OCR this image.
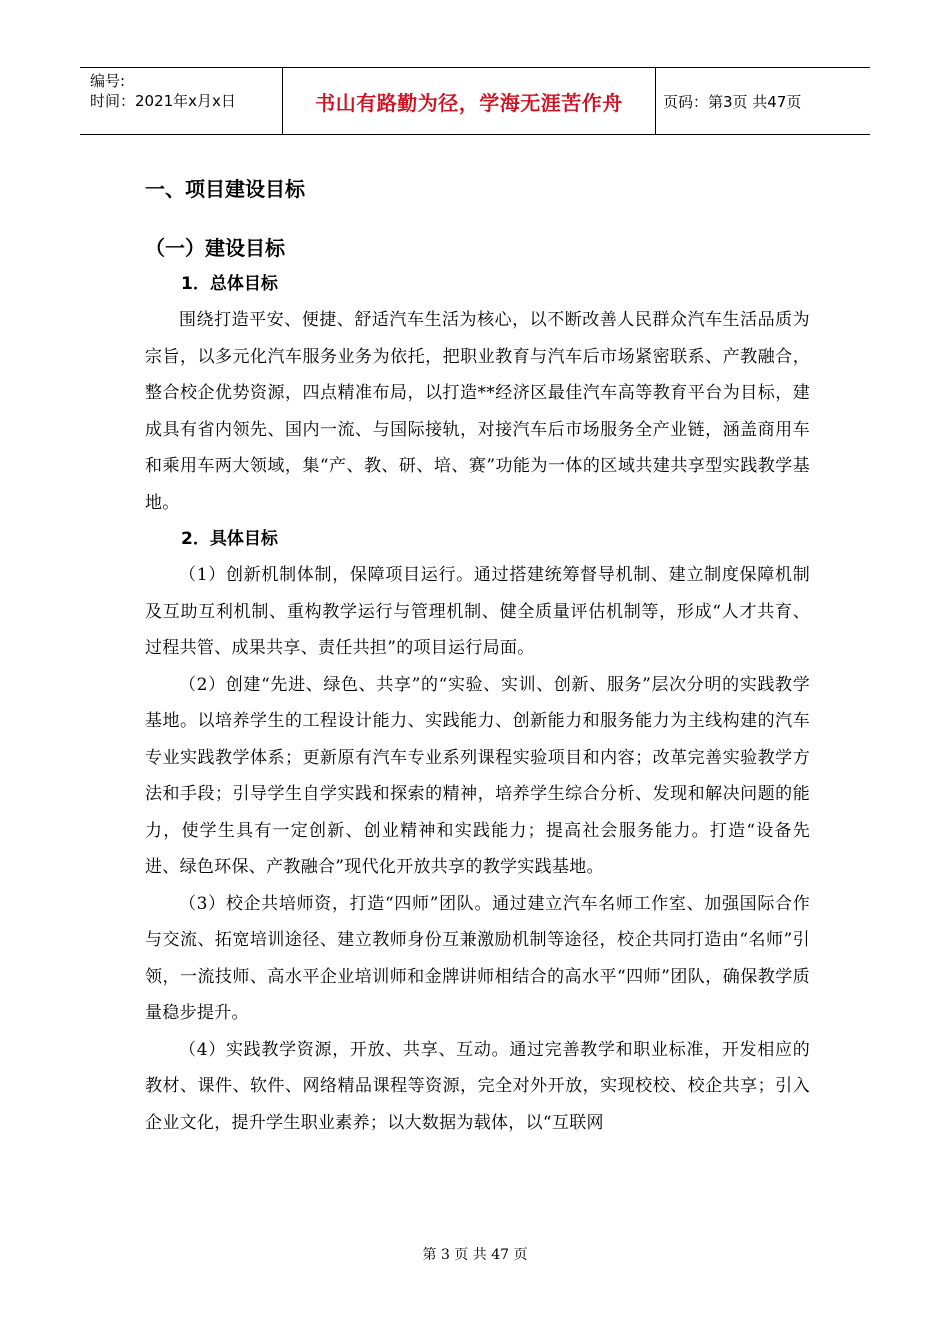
编号:
时间：2021年x月x日	书山有路勤为径，学海无涯苦作舟	页码：第3页 共47页
一、项目建设目标
（一）建设目标
1．总体目标

围绕打造平安、便捷、舒适汽车生活为核心，以不断改善人民群众汽车生活品质为宗旨，以多元化汽车服务业务为依托，把职业教育与汽车后市场紧密联系、产教融合，整合校企优势资源，四点精准布局，以打造**经济区最佳汽车高等教育平台为目标，建成具有省内领先、国内一流、与国际接轨，对接汽车后市场服务全产业链，涵盖商用车和乘用车两大领域，集“产、教、研、培、赛”功能为一体的区域共建共享型实践教学基地。

2．具体目标

（1）创新机制体制，保障项目运行。通过搭建统筹督导机制、建立制度保障机制及互助互利机制、重构教学运行与管理机制、健全质量评估机制等，形成“人才共育、过程共管、成果共享、责任共担”的项目运行局面。

（2）创建“先进、绿色、共享”的“实验、实训、创新、服务”层次分明的实践教学基地。以培养学生的工程设计能力、实践能力、创新能力和服务能力为主线构建的汽车专业实践教学体系；更新原有汽车专业系列课程实验项目和内容；改革完善实验教学方法和手段；引导学生自学实践和探索的精神，培养学生综合分析、发现和解决问题的能力，使学生具有一定创新、创业精神和实践能力；提高社会服务能力。打造“设备先进、绿色环保、产教融合”现代化开放共享的教学实践基地。

（3）校企共培师资，打造“四师”团队。通过建立汽车名师工作室、加强国际合作与交流、拓宽培训途径、建立教师身份互兼激励机制等途径，校企共同打造由“名师”引领，一流技师、高水平企业培训师和金牌讲师相结合的高水平“四师”团队，确保教学质量稳步提升。

（4）实践教学资源，开放、共享、互动。通过完善教学和职业标准，开发相应的教材、课件、软件、网络精品课程等资源，完全对外开放，实现校校、校企共享；引入企业文化，提升学生职业素养；以大数据为载体，以“互联网

第 3 页 共 47 页
